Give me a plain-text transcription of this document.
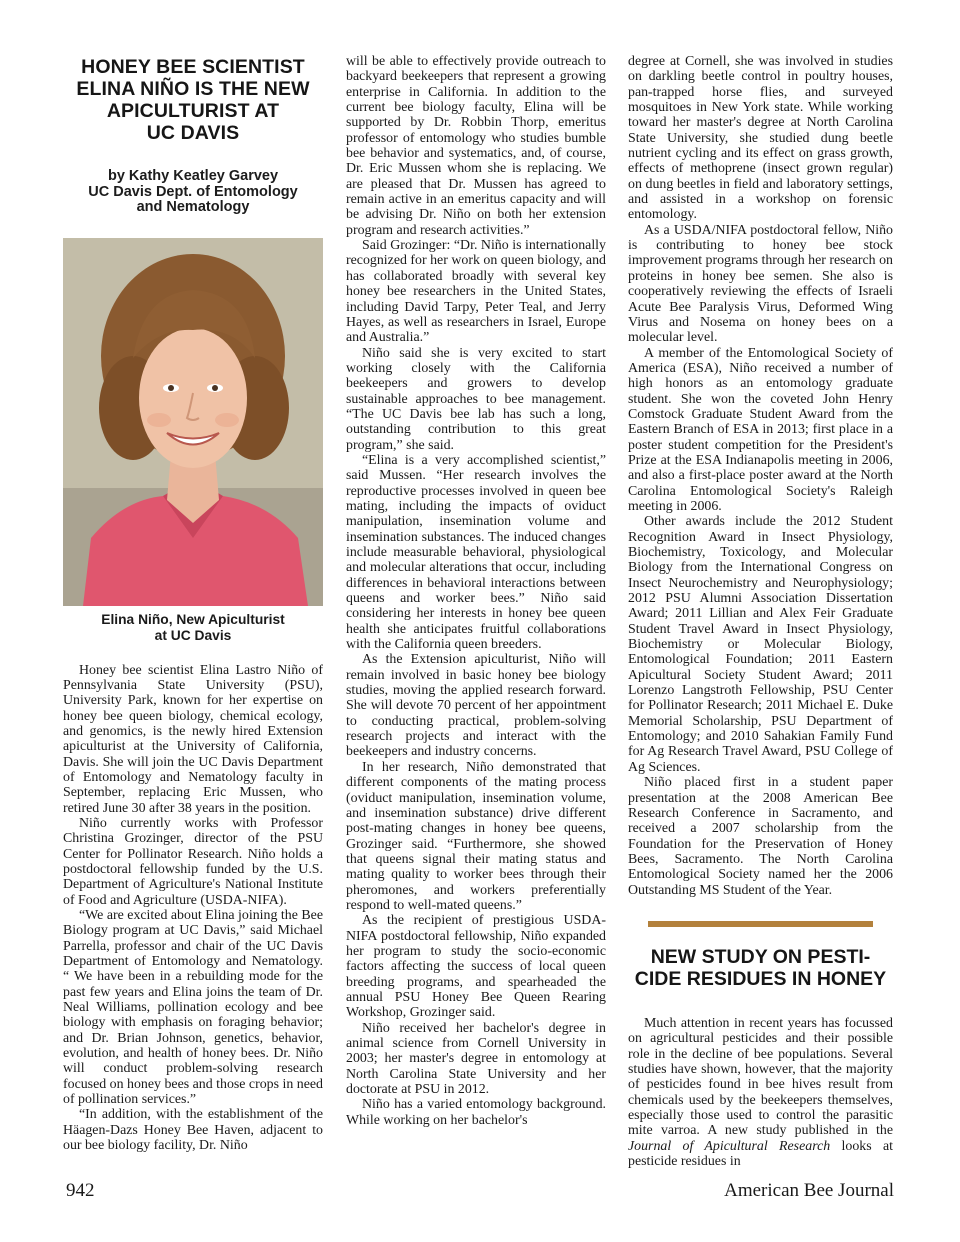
HONEY BEE SCIENTIST
ELINA NIÑO IS THE NEW
APICULTURIST AT
UC DAVIS
by Kathy Keatley Garvey
UC Davis Dept. of Entomology
and Nematology
Elina Niño, New Apiculturist
at UC Davis

Honey bee scientist Elina Lastro Niño of Pennsylvania State University (PSU), University Park, known for her expertise on honey bee queen biology, chemical ecology, and genomics, is the newly hired Extension apiculturist at the University of California, Davis. She will join the UC Davis Department of Entomology and Nematology faculty in September, replacing Eric Mussen, who retired June 30 after 38 years in the position.

Niño currently works with Professor Christina Grozinger, director of the PSU Center for Pollinator Research. Niño holds a postdoctoral fellowship funded by the U.S. Department of Agriculture's National Institute of Food and Agriculture (USDA-NIFA).

“We are excited about Elina joining the Bee Biology program at UC Davis,” said Michael Parrella, professor and chair of the UC Davis Department of Entomology and Nematology. “ We have been in a rebuilding mode for the past few years and Elina joins the team of Dr. Neal Williams, pollination ecology and bee biology with emphasis on foraging behavior; and Dr. Brian Johnson, genetics, behavior, evolution, and health of honey bees. Dr. Niño will conduct problem-solving research focused on honey bees and those crops in need of pollination services.”

“In addition, with the establishment of the Häagen-Dazs Honey Bee Haven, adjacent to our bee biology facility, Dr. Niño

will be able to effectively provide outreach to backyard beekeepers that represent a growing enterprise in California. In addition to the current bee biology faculty, Elina will be supported by Dr. Robbin Thorp, emeritus professor of entomology who studies bumble bee behavior and systematics, and, of course, Dr. Eric Mussen whom she is replacing. We are pleased that Dr. Mussen has agreed to remain active in an emeritus capacity and will be advising Dr. Niño on both her extension program and research activities.”

Said Grozinger: “Dr. Niño is internationally recognized for her work on queen biology, and has collaborated broadly with several key honey bee researchers in the United States, including David Tarpy, Peter Teal, and Jerry Hayes, as well as researchers in Israel, Europe and Australia.”

Niño said she is very excited to start working closely with the California beekeepers and growers to develop sustainable approaches to bee management. “The UC Davis bee lab has such a long, outstanding contribution to this great program,” she said.

“Elina is a very accomplished scientist,” said Mussen. “Her research involves the reproductive processes involved in queen bee mating, including the impacts of oviduct manipulation, insemination volume and insemination substances. The induced changes include measurable behavioral, physiological and molecular alterations that occur, including differences in behavioral interactions between queens and worker bees.” Niño said considering her interests in honey bee queen health she anticipates fruitful collaborations with the California queen breeders.

As the Extension apiculturist, Niño will remain involved in basic honey bee biology studies, moving the applied research forward. She will devote 70 percent of her appointment to conducting practical, problem-solving research projects and interact with the beekeepers and industry concerns.

In her research, Niño demonstrated that different components of the mating process (oviduct manipulation, insemination volume, and insemination substance) drive different post-mating changes in honey bee queens, Grozinger said. “Furthermore, she showed that queens signal their mating status and mating quality to worker bees through their pheromones, and workers preferentially respond to well-mated queens.”

As the recipient of prestigious USDA-NIFA postdoctoral fellowship, Niño expanded her program to study the socio-economic factors affecting the success of local queen breeding programs, and spearheaded the annual PSU Honey Bee Queen Rearing Workshop, Grozinger said.

Niño received her bachelor's degree in animal science from Cornell University in 2003; her master's degree in entomology at North Carolina State University and her doctorate at PSU in 2012.

Niño has a varied entomology background. While working on her bachelor's

degree at Cornell, she was involved in studies on darkling beetle control in poultry houses, pan-trapped horse flies, and surveyed mosquitoes in New York state. While working toward her master's degree at North Carolina State University, she studied dung beetle nutrient cycling and its effect on grass growth, effects of methoprene (insect grown regular) on dung beetles in field and laboratory settings, and assisted in a workshop on forensic entomology.

As a USDA/NIFA postdoctoral fellow, Niño is contributing to honey bee stock improvement programs through her research on proteins in honey bee semen. She also is cooperatively reviewing the effects of Israeli Acute Bee Paralysis Virus, Deformed Wing Virus and Nosema on honey bees on a molecular level.

A member of the Entomological Society of America (ESA), Niño received a number of high honors as an entomology graduate student. She won the coveted John Henry Comstock Graduate Student Award from the Eastern Branch of ESA in 2013; first place in a poster student competition for the President's Prize at the ESA Indianapolis meeting in 2006, and also a first-place poster award at the North Carolina Entomological Society's Raleigh meeting in 2006.

Other awards include the 2012 Student Recognition Award in Insect Physiology, Biochemistry, Toxicology, and Molecular Biology from the International Congress on Insect Neurochemistry and Neurophysiology; 2012 PSU Alumni Association Dissertation Award; 2011 Lillian and Alex Feir Graduate Student Travel Award in Insect Physiology, Biochemistry or Molecular Biology, Entomological Foundation; 2011 Eastern Apicultural Society Student Award; 2011 Lorenzo Langstroth Fellowship, PSU Center for Pollinator Research; 2011 Michael E. Duke Memorial Scholarship, PSU Department of Entomology; and 2010 Sahakian Family Fund for Ag Research Travel Award, PSU College of Ag Sciences.

Niño placed first in a student paper presentation at the 2008 American Bee Research Conference in Sacramento, and received a 2007 scholarship from the Foundation for the Preservation of Honey Bees, Sacramento. The North Carolina Entomological Society named her the 2006 Outstanding MS Student of the Year.

NEW STUDY ON PESTI-
CIDE RESIDUES IN HONEY

Much attention in recent years has focussed on agricultural pesticides and their possible role in the decline of bee populations. Several studies have shown, however, that the majority of pesticides found in bee hives result from chemicals used by the beekeepers themselves, especially those used to control the parasitic mite varroa. A new study published in the Journal of Apicultural Research looks at pesticide residues in

942	American Bee Journal
